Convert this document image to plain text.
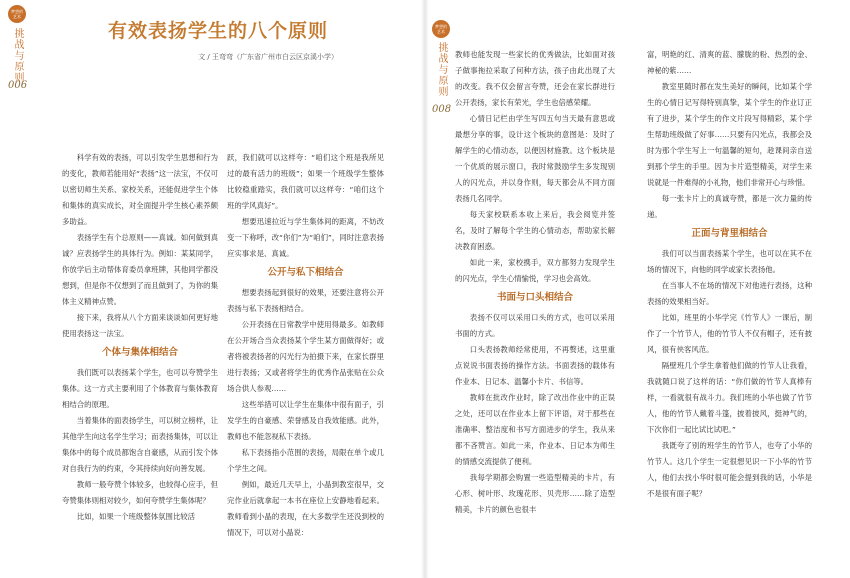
梦想的
艺术
挑战与原则
006
有效表扬学生的八个原则
文 / 王弯弯（广东省广州市白云区京溪小学）

科学有效的表扬，可以引发学生思想和行为的变化，教师若能用好“表扬”这一法宝，不仅可以密切师生关系、家校关系，还能促进学生个体和集体的真实成长，对全面提升学生核心素养颇多助益。

表扬学生有个总原则——真诚。如何做到真诚？应表扬学生的具体行为。例如：某某同学，你放学后主动帮体育委员拿班牌，其他同学都没想到，但是你不仅想到了而且做到了，为你的集体主义精神点赞。

接下来，我将从八个方面来谈谈如何更好地使用表扬这一法宝。

个体与集体相结合

我们既可以表扬某个学生，也可以夸赞学生集体。这一方式主要利用了个体教育与集体教育相结合的原理。

当着集体的面表扬学生，可以树立榜样，让其他学生向这名学生学习；而表扬集体，可以让集体中的每个成员都饱含自豪感，从而引发个体对自我行为的约束，令其持续向好向善发展。

教师一般夸赞个体较多，也较得心应手，但夸赞集体则相对较少，如何夸赞学生集体呢？

比如，如果一个班级整体氛围比较活

跃，我们就可以这样夸：“咱们这个班是我所见过的最有活力的班级”；如果一个班级学生整体比较稳重踏实，我们就可以这样夸：“咱们这个班的学风真好”。

想要迅速拉近与学生集体间的距离，不妨改变一下称呼，改“你们”为“咱们”，同时注意表扬应实事求是、真诚。

公开与私下相结合

想要表扬起到很好的效果，还要注意将公开表扬与私下表扬相结合。

公开表扬在日常教学中使用得最多。如教师在公开场合当众表扬某个学生某方面做得好；或者将被表扬者的闪光行为拍摄下来，在家长群里进行表扬；又或者将学生的优秀作品张贴在公众场合供人参观……

这些举措可以让学生在集体中很有面子，引发学生的自豪感、荣誉感及自我效能感。此外，教师也不能忽视私下表扬。

私下表扬指小范围的表扬，局限在单个或几个学生之间。

例如，最近几天早上，小晶到教室很早，交完作业后就拿起一本书在座位上安静地看起来。教师看到小晶的表现，在大多数学生还没到校的情况下，可以对小晶说：

梦想的
艺术
挑战与原则
008

教师也能发现一些家长的优秀做法，比如面对孩子做事拖拉采取了何种方法，孩子由此出现了大的改变。我不仅会留言夸赞，还会在家长群进行公开表扬，家长有荣光，学生也倍感荣耀。

心情日记栏由学生写四五句当天最有意思或最想分享的事，设计这个板块的意图是：及时了解学生的心情动态，以便因材施教。这个板块是一个优质的展示窗口，我时常鼓励学生多发现别人的闪光点，并以身作则，每天都会从不同方面表扬几名同学。

每天家校联系本收上来后，我会阅览并签名，及时了解每个学生的心情动态，帮助家长解决教育困惑。

如此一来，家校携手，双方都努力发现学生的闪光点，学生心情愉悦，学习也会高效。

书面与口头相结合

表扬不仅可以采用口头的方式，也可以采用书面的方式。

口头表扬教师经常使用，不再赘述，这里重点说说书面表扬的操作方法。书面表扬的载体有作业本、日记本、温馨小卡片、书信等。

教师在批改作业时，除了改出作业中的正误之处，还可以在作业本上留下评语，对于那些在准确率、整洁度和书写方面进步的学生，我从来都不吝赞言。如此一来，作业本、日记本为师生的情感交流提供了便利。

我每学期都会购置一些造型精美的卡片，有心形、树叶形、玫瑰花形、贝壳形……除了造型精美，卡片的颜色也很丰

富，明艳的红、清爽的蓝、朦胧的粉、热烈的金、神秘的紫……

教室里随时都在发生美好的瞬间，比如某个学生的心情日记写得特别真挚，某个学生的作业订正有了进步，某个学生的作文片段写得精彩，某个学生帮助班级做了好事……只要有闪光点，我都会及时为那个学生写上一句温馨的短句，趁课间亲自送到那个学生的手里。因为卡片造型精美，对学生来说就是一件难得的小礼物，他们非常开心与珍惜。

每一张卡片上的真诚夸赞，都是一次力量的传递。

正面与背里相结合

我们可以当面表扬某个学生，也可以在其不在场的情况下，向他的同学或家长表扬他。

在当事人不在场的情况下对他进行表扬，这种表扬的效果相当好。

比如，班里的小华学完《竹节人》一课后，制作了一个竹节人，他的竹节人不仅有帽子，还有披风，很有侠客风范。

隔壁班几个学生拿着他们做的竹节人让我看，我就随口说了这样的话：“你们做的竹节人真棒有样，一看就很有战斗力。我们班的小华也做了竹节人，他的竹节人戴着斗篷，披着披风，挺神气的，下次你们一起比试比试吧。”

我既夸了别的班学生的竹节人，也夸了小华的竹节人。这几个学生一定很想见识一下小华的竹节人，他们去找小华时很可能会提到我的话，小华是不是很有面子呢？
